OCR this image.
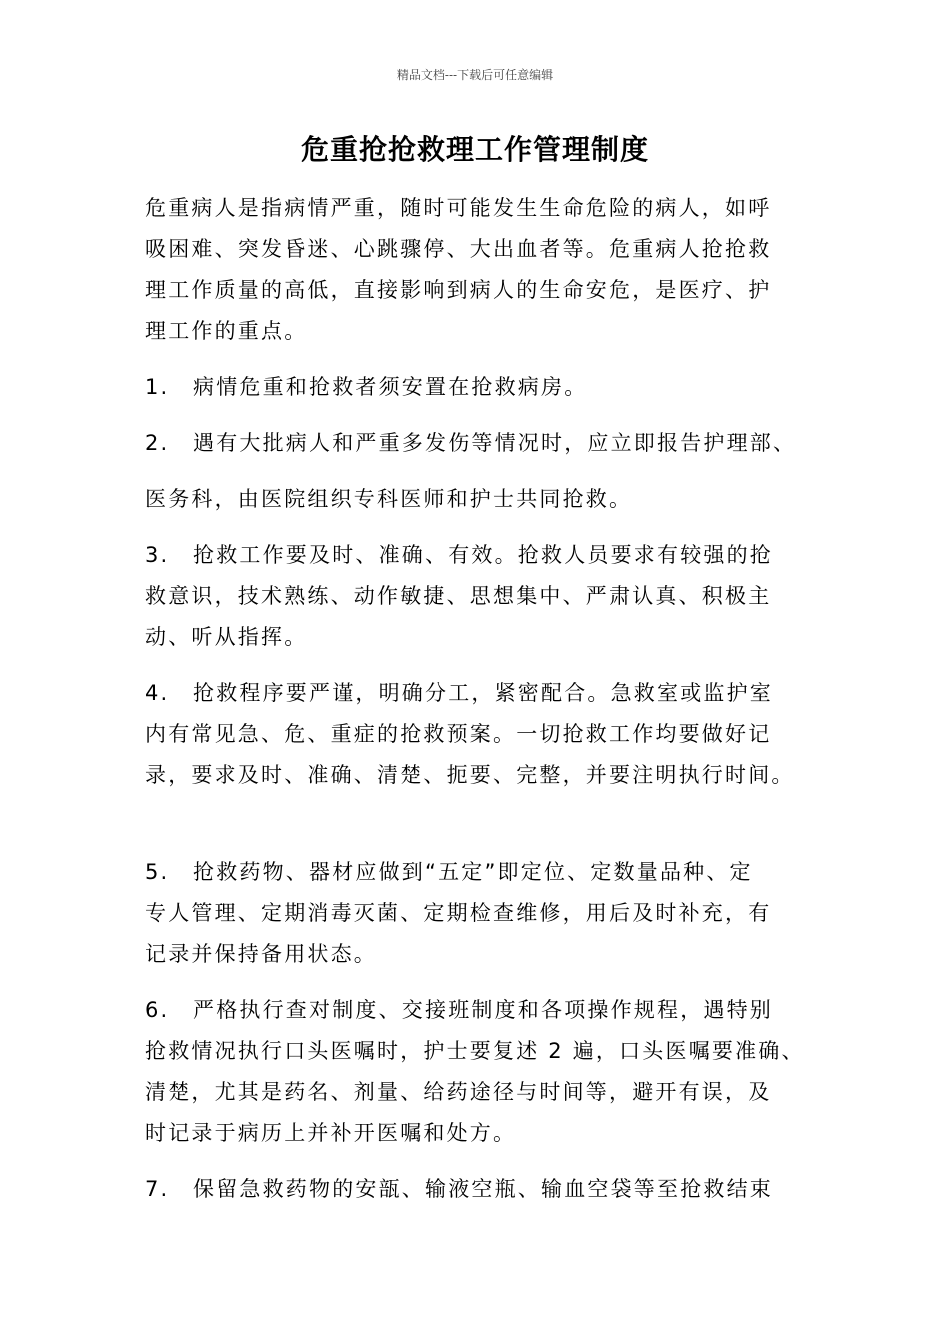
精品文档---下载后可任意编辑
危重抢抢救理工作管理制度
危重病人是指病情严重，随时可能发生生命危险的病人，如呼
吸困难、突发昏迷、心跳骤停、大出血者等。危重病人抢抢救
理工作质量的高低，直接影响到病人的生命安危，是医疗、护
理工作的重点。
1. 病情危重和抢救者须安置在抢救病房。
2. 遇有大批病人和严重多发伤等情况时，应立即报告护理部、
医务科，由医院组织专科医师和护士共同抢救。
3. 抢救工作要及时、准确、有效。抢救人员要求有较强的抢
救意识，技术熟练、动作敏捷、思想集中、严肃认真、积极主
动、听从指挥。
4. 抢救程序要严谨，明确分工，紧密配合。急救室或监护室
内有常见急、危、重症的抢救预案。一切抢救工作均要做好记
录，要求及时、准确、清楚、扼要、完整，并要注明执行时间。
5. 抢救药物、器材应做到“五定”即定位、定数量品种、定
专人管理、定期消毒灭菌、定期检查维修，用后及时补充，有
记录并保持备用状态。
6. 严格执行查对制度、交接班制度和各项操作规程，遇特别
抢救情况执行口头医嘱时，护士要复述 2 遍，口头医嘱要准确、
清楚，尤其是药名、剂量、给药途径与时间等，避开有误，及
时记录于病历上并补开医嘱和处方。
7. 保留急救药物的安瓿、输液空瓶、输血空袋等至抢救结束
